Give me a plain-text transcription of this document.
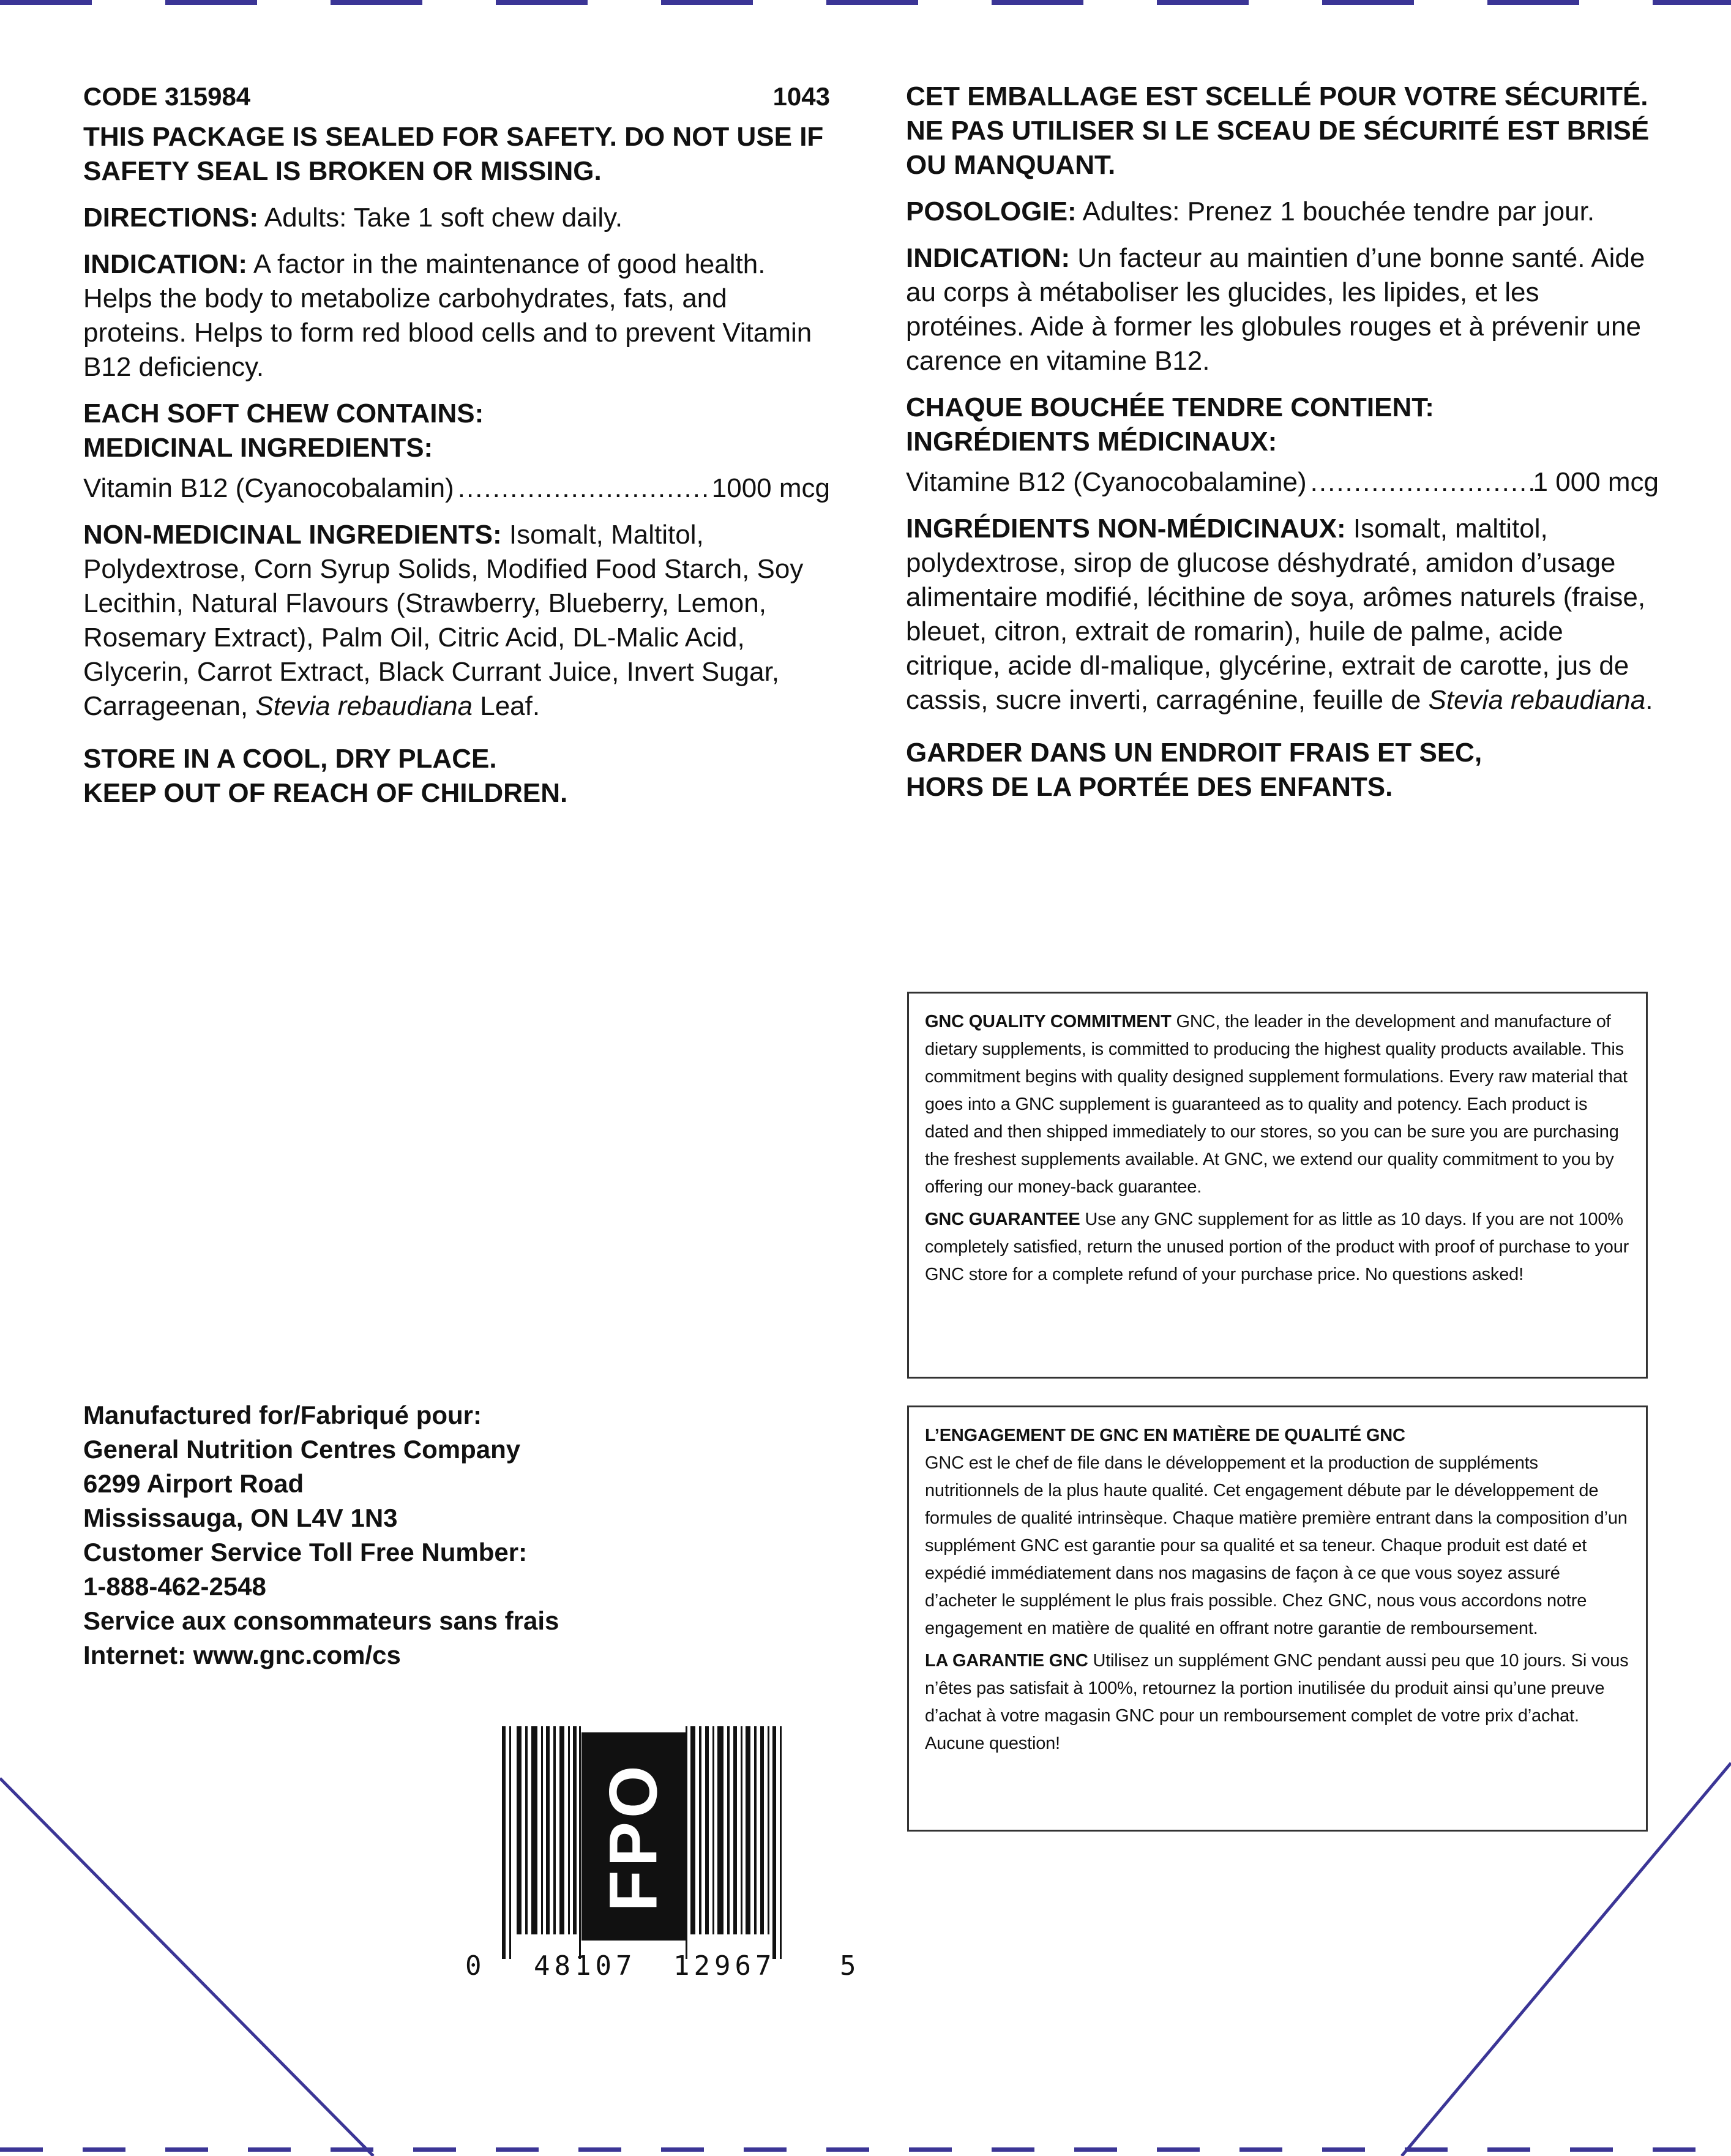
CODE 315984	1043

THIS PACKAGE IS SEALED FOR SAFETY. DO NOT USE IF SAFETY SEAL IS BROKEN OR MISSING.

DIRECTIONS: Adults: Take 1 soft chew daily.

INDICATION: A factor in the maintenance of good health. Helps the body to metabolize carbohydrates, fats, and proteins. Helps to form red blood cells and to prevent Vitamin B12 deficiency.

EACH SOFT CHEW CONTAINS:

MEDICINAL INGREDIENTS:

Vitamin B12 (Cyanocobalamin) .....	1000 mcg

NON-MEDICINAL INGREDIENTS: Isomalt, Maltitol, Polydextrose, Corn Syrup Solids, Modified Food Starch, Soy Lecithin, Natural Flavours (Strawberry, Blueberry, Lemon, Rosemary Extract), Palm Oil, Citric Acid, DL-Malic Acid, Glycerin, Carrot Extract, Black Currant Juice, Invert Sugar, Carrageenan, Stevia rebaudiana Leaf.

STORE IN A COOL, DRY PLACE.
KEEP OUT OF REACH OF CHILDREN.

CET EMBALLAGE EST SCELLÉ POUR VOTRE SÉCURITÉ. NE PAS UTILISER SI LE SCEAU DE SÉCURITÉ EST BRISÉ OU MANQUANT.

POSOLOGIE: Adultes: Prenez 1 bouchée tendre par jour.

INDICATION: Un facteur au maintien d’une bonne santé. Aide au corps à métaboliser les glucides, les lipides, et les protéines. Aide à former les globules rouges et à prévenir une carence en vitamine B12.

CHAQUE BOUCHÉE TENDRE CONTIENT:

INGRÉDIENTS MÉDICINAUX:

Vitamine B12 (Cyanocobalamine) .....	1 000 mcg

INGRÉDIENTS NON-MÉDICINAUX: Isomalt, maltitol, polydextrose, sirop de glucose déshydraté, amidon d’usage alimentaire modifié, lécithine de soya, arômes naturels (fraise, bleuet, citron, extrait de romarin), huile de palme, acide citrique, acide dl-malique, glycérine, extrait de carotte, jus de cassis, sucre inverti, carragénine, feuille de Stevia rebaudiana.

GARDER DANS UN ENDROIT FRAIS ET SEC,
HORS DE LA PORTÉE DES ENFANTS.

GNC QUALITY COMMITMENT GNC, the leader in the development and manufacture of dietary supplements, is committed to producing the highest quality products available. This commitment begins with quality designed supplement formulations. Every raw material that goes into a GNC supplement is guaranteed as to quality and potency. Each product is dated and then shipped immediately to our stores, so you can be sure you are purchasing the freshest supplements available. At GNC, we extend our quality commitment to you by offering our money-back guarantee.

GNC GUARANTEE Use any GNC supplement for as little as 10 days. If you are not 100% completely satisfied, return the unused portion of the product with proof of purchase to your GNC store for a complete refund of your purchase price. No questions asked!

L’ENGAGEMENT DE GNC EN MATIÈRE DE QUALITÉ GNC
GNC est le chef de file dans le développement et la production de suppléments nutritionnels de la plus haute qualité. Cet engagement débute par le développement de formules de qualité intrinsèque. Chaque matière première entrant dans la composition d’un supplément GNC est garantie pour sa qualité et sa teneur. Chaque produit est daté et expédié immédiatement dans nos magasins de façon à ce que vous soyez assuré d’acheter le supplément le plus frais possible. Chez GNC, nous vous accordons notre engagement en matière de qualité en offrant notre garantie de remboursement.

LA GARANTIE GNC Utilisez un supplément GNC pendant aussi peu que 10 jours. Si vous n’êtes pas satisfait à 100%, retournez la portion inutilisée du produit ainsi qu’une preuve d’achat à votre magasin GNC pour un remboursement complet de votre prix d’achat. Aucune question!

Manufactured for/Fabriqué pour:
General Nutrition Centres Company
6299 Airport Road
Mississauga, ON L4V 1N3
Customer Service Toll Free Number:
1-888-462-2548
Service aux consommateurs sans frais
Internet: www.gnc.com/cs
FPO
0 48107 12967 5
